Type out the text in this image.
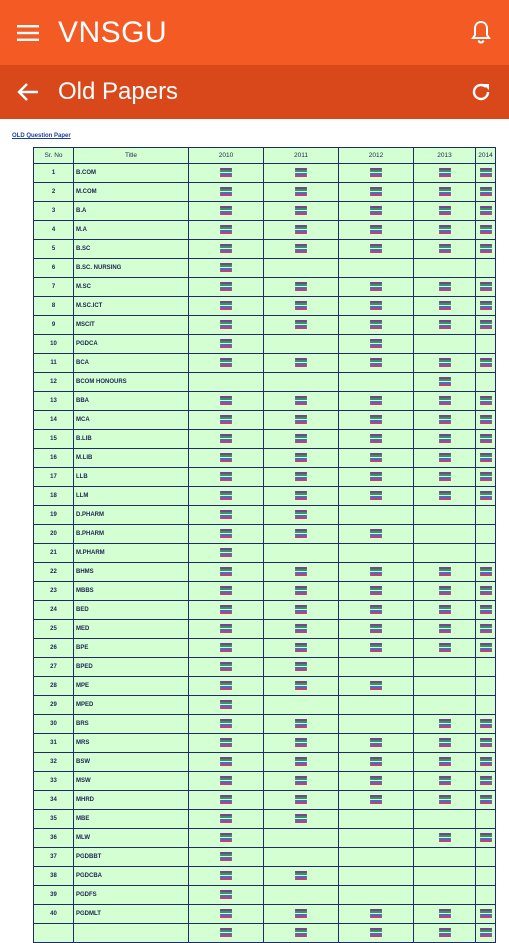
VNSGU
Old Papers
OLD Question Paper
Sr. No	Title	2010	2011	2012	2013	2014
1	B.COM	

2	M.COM	

3	B.A	

4	M.A	

5	B.SC	

6	B.SC. NURSING	

7	M.SC	

8	M.SC.ICT	

9	MSCIT	

10	PGDCA	

11	BCA	

12	BCOM HONOURS				

13	BBA	

14	MCA	

15	B.LIB	

16	M.LIB	

17	LLB	

18	LLM	

19	D.PHARM	

20	B.PHARM	

21	M.PHARM	

22	BHMS	

23	MBBS	

24	BED	

25	MED	

26	BPE	

27	BPED	

28	MPE	

29	MPED	

30	BRS	

31	MRS	

32	BSW	

33	MSW	

34	MHRD	

35	MBE	

36	MLW	

37	PGDBBT	

38	PGDCBA	

39	PGDFS	

40	PGDMLT	
